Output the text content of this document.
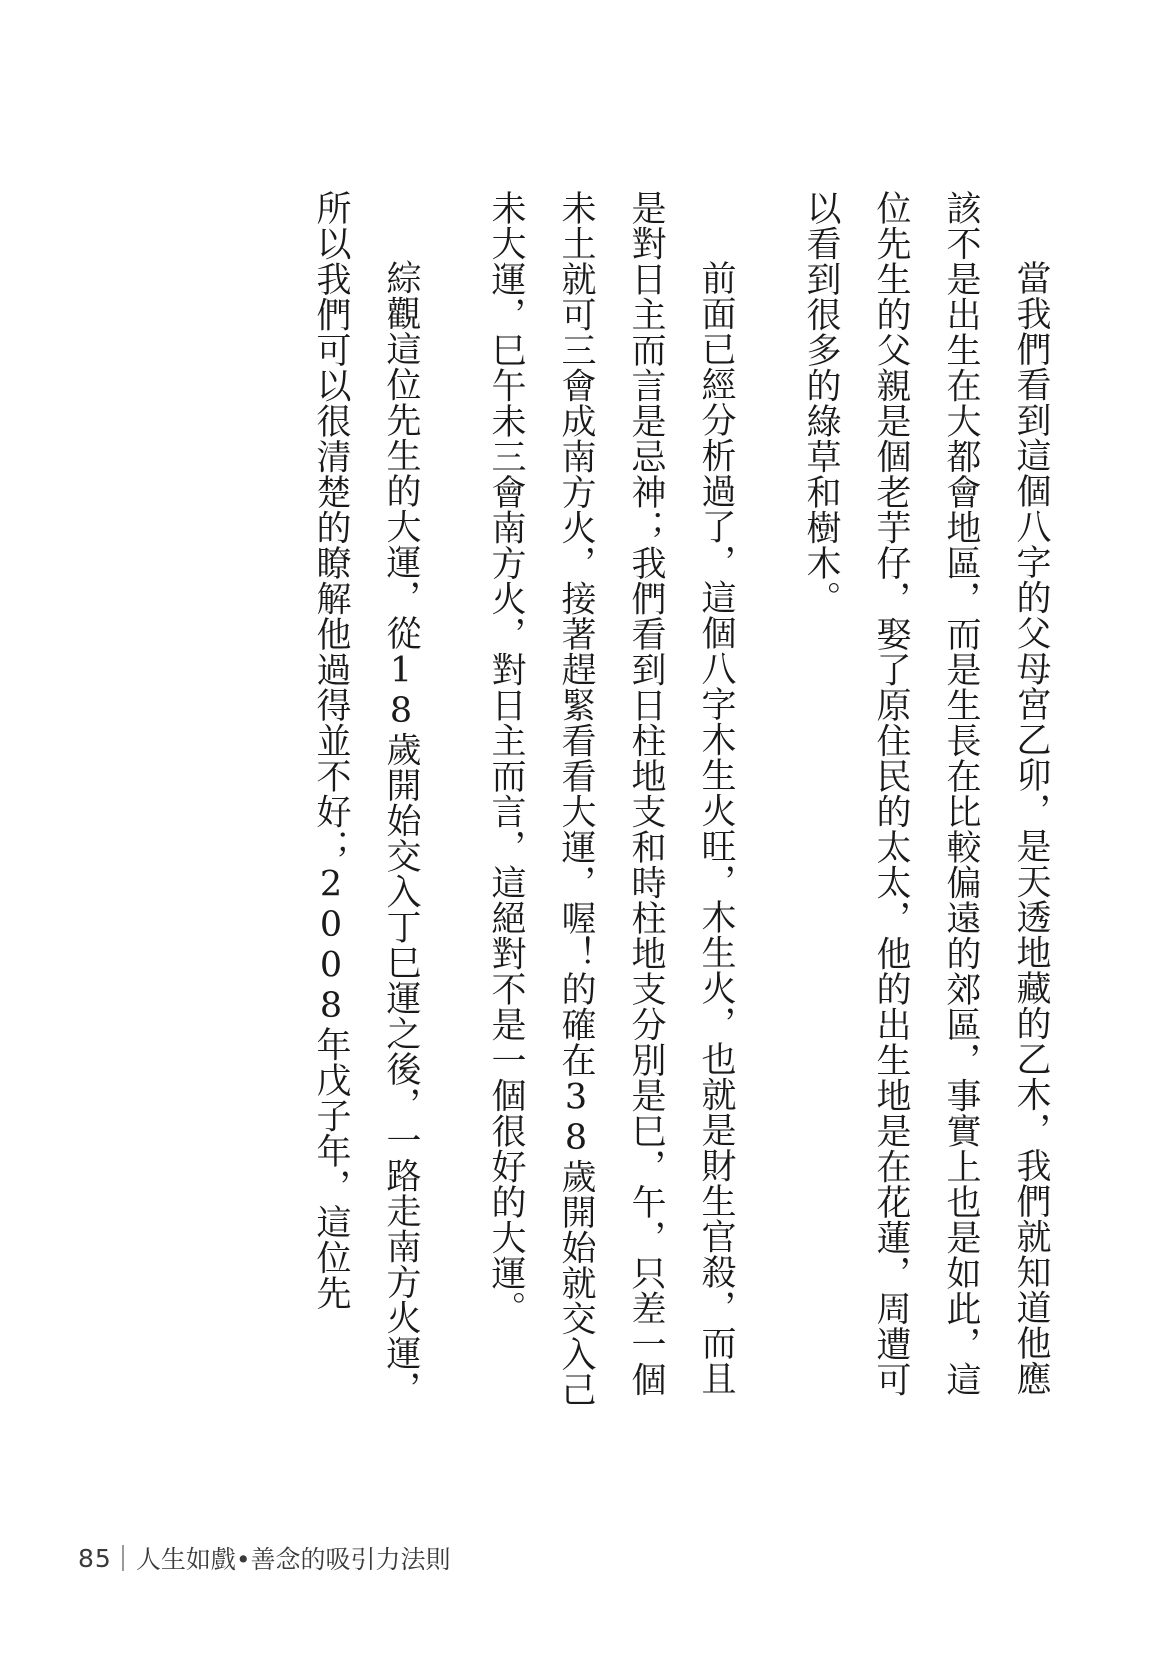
當我們看到這個八字的父母宮乙卯，是天透地藏的乙木，我們就知道他應該不是出生在大都會地區，而是生長在比較偏遠的郊區，事實上也是如此，這位先生的父親是個老芋仔，娶了原住民的太太，他的出生地是在花蓮，周遭可以看到很多的綠草和樹木。

前面已經分析過了，這個八字木生火旺，木生火，也就是財生官殺，而且是對日主而言是忌神；我們看到日柱地支和時柱地支分別是巳，午，只差一個未土就可三會成南方火，接著趕緊看看大運，喔！的確在38歲開始就交入己未大運，巳午未三會南方火，對日主而言，這絕對不是一個很好的大運。

綜觀這位先生的大運，從18歲開始交入丁巳運之後，一路走南方火運，所以我們可以很清楚的瞭解他過得並不好；2008年戊子年，這位先

85 人生如戲•善念的吸引力法則
